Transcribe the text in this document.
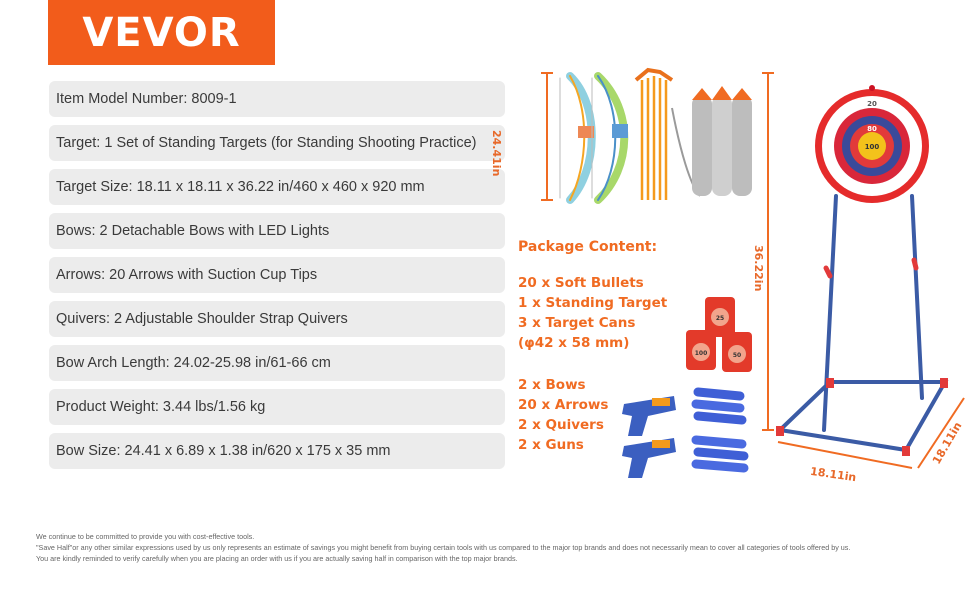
VEVOR
Item Model Number: 8009-1
Target: 1 Set of Standing Targets (for Standing Shooting Practice)
Target Size: 18.11 x 18.11 x 36.22 in/460 x 460 x 920 mm
Bows: 2 Detachable Bows with LED Lights
Arrows: 20 Arrows with Suction Cup Tips
Quivers: 2 Adjustable Shoulder Strap Quivers
Bow Arch Length: 24.02-25.98 in/61-66 cm
Product Weight: 3.44 lbs/1.56 kg
Bow Size: 24.41 x 6.89 x 1.38 in/620 x 175 x 35 mm
20
80
100
25
100	50
24.41in
36.22in
18.11in
18.11in
Package Content:
20 x Soft Bullets
1 x Standing Target
3 x Target Cans
(φ42 x 58 mm)
2 x Bows
20 x Arrows
2 x Quivers
2 x Guns
We continue to be committed to provide you with cost-effective tools.
"Save Half"or any other similar expressions used by us only represents an estimate of savings you might benefit from buying certain tools with us compared to the major top brands and does not necessarily mean to cover all categories of tools offered by us.
You are kindly reminded to verify carefully when you are placing an order with us if you are actually saving half in comparison with the top major brands.
